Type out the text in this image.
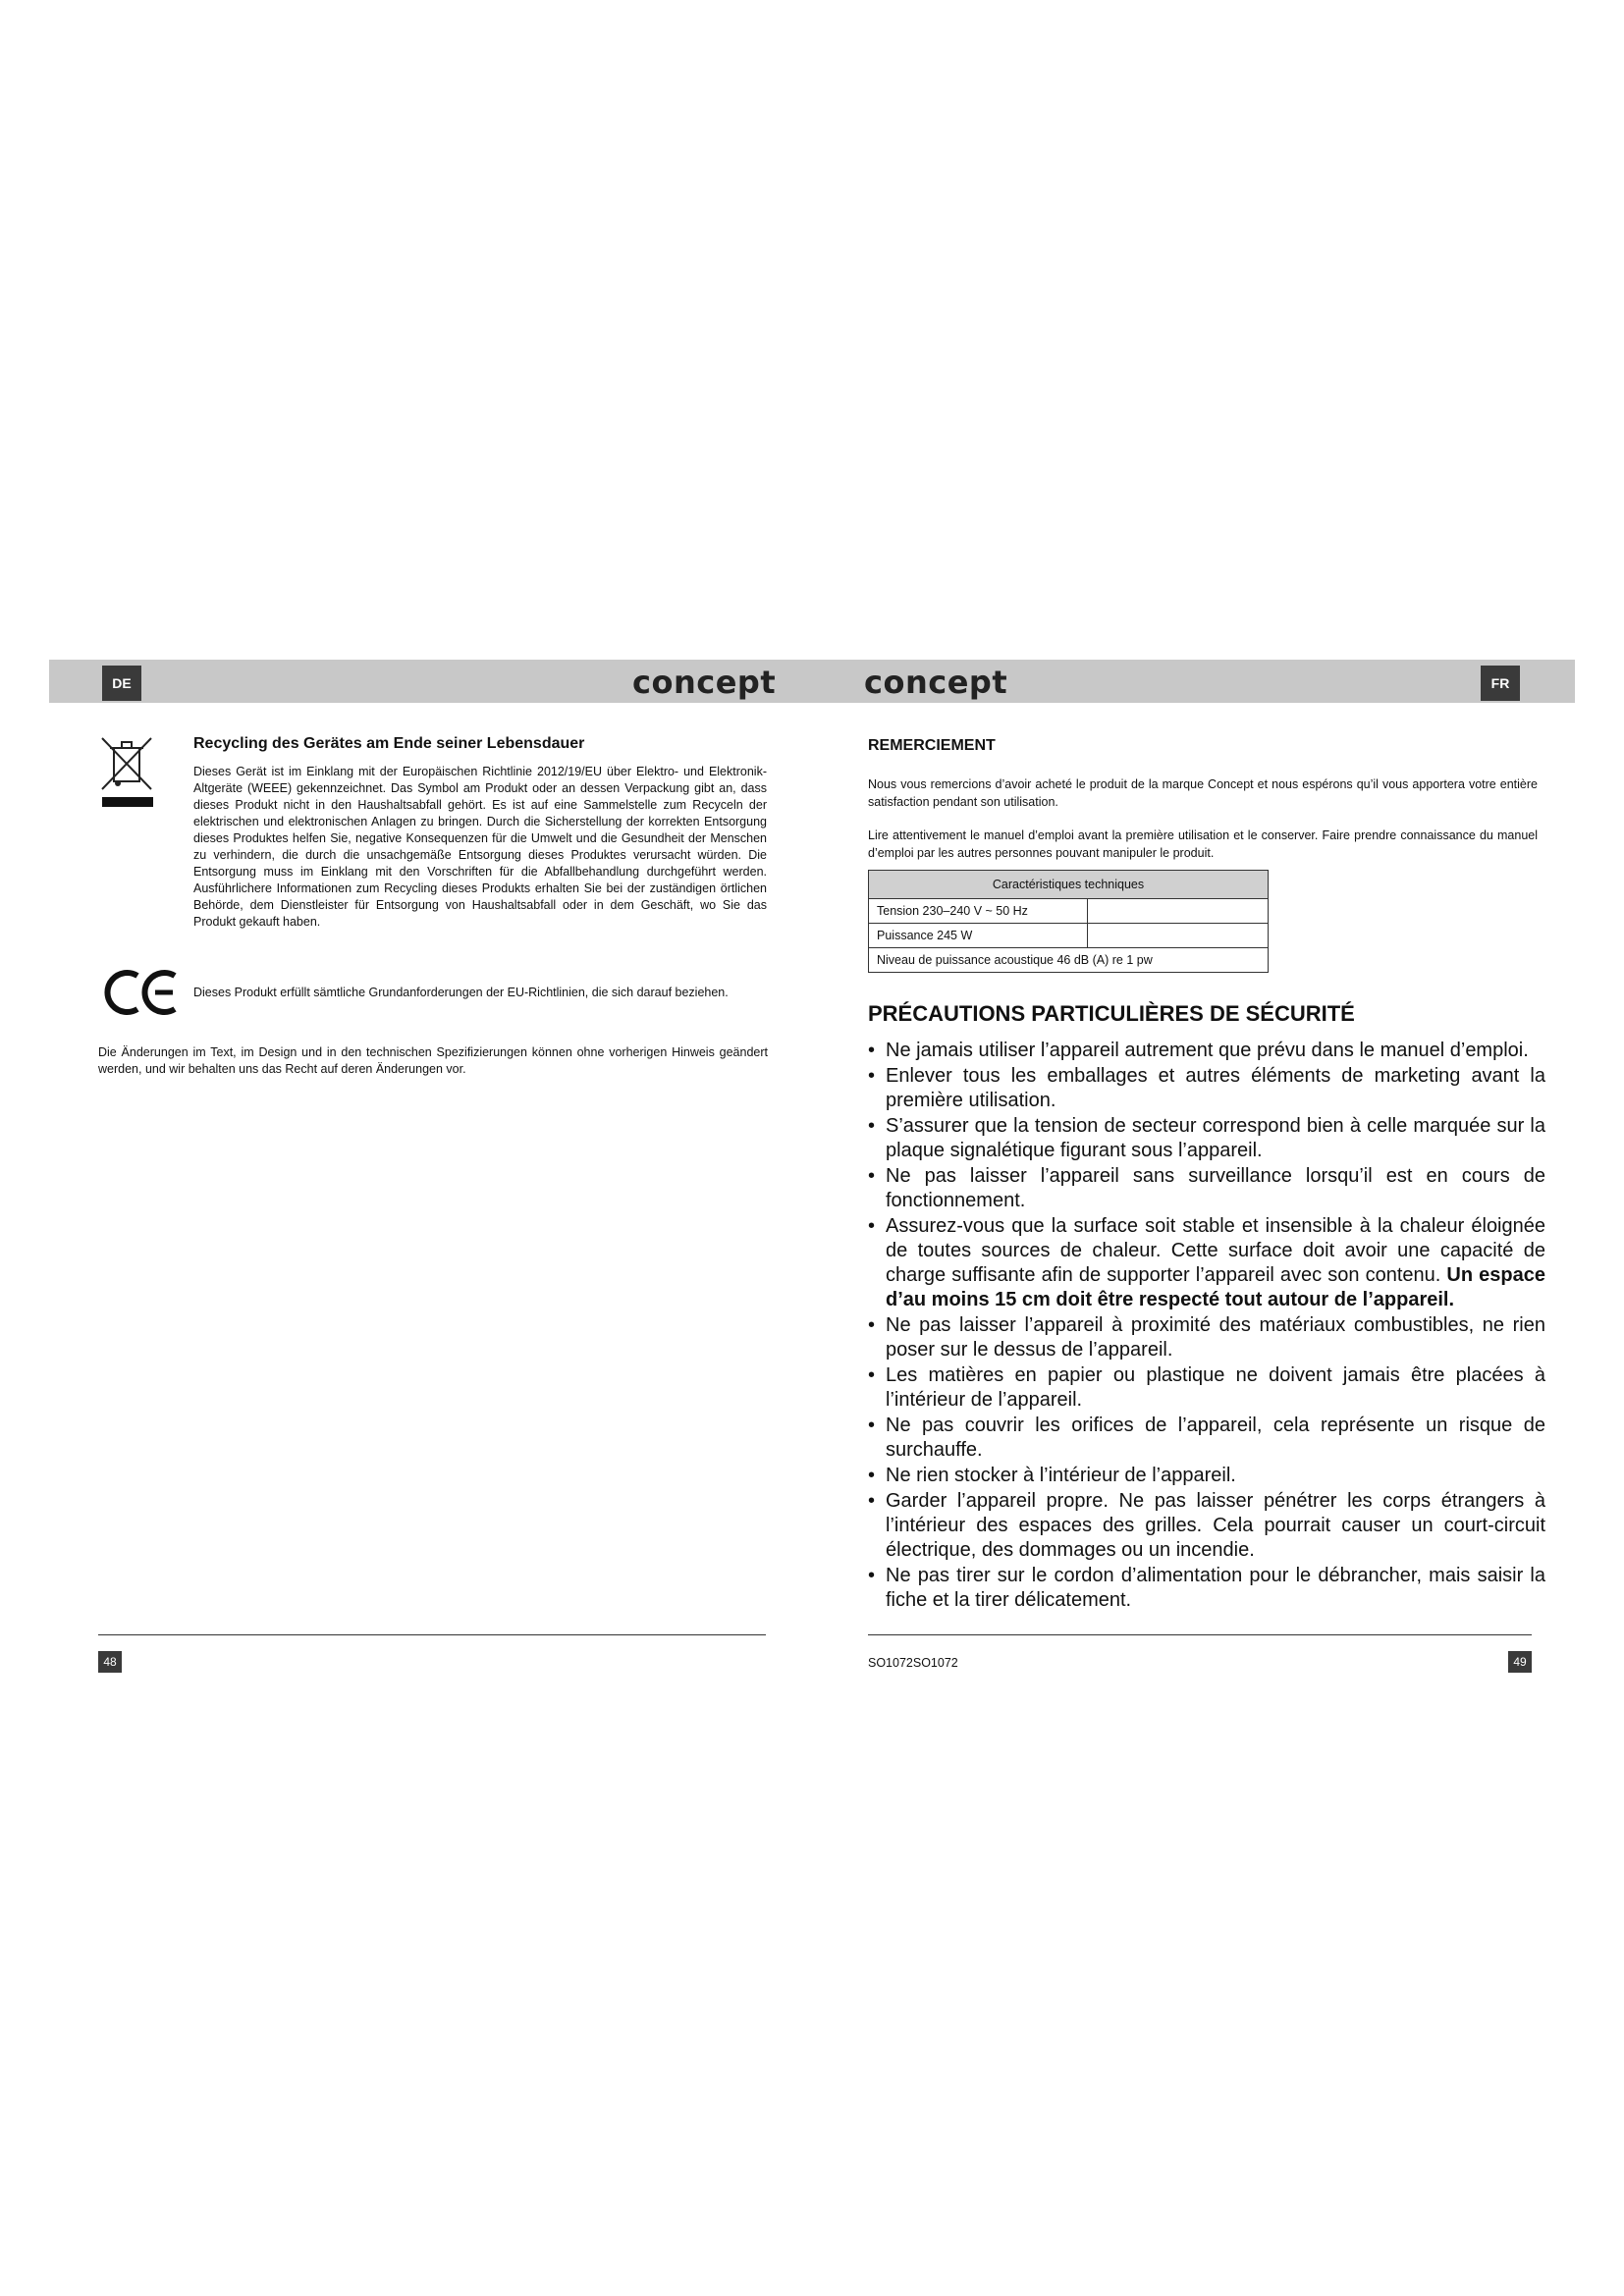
DE	concept	concept	FR
Recycling des Gerätes am Ende seiner Lebensdauer

Dieses Gerät ist im Einklang mit der Europäischen Richtlinie 2012/19/EU über Elektro- und Elektronik-Altgeräte (WEEE) gekennzeichnet. Das Symbol am Produkt oder an dessen Verpackung gibt an, dass dieses Produkt nicht in den Haushaltsabfall gehört. Es ist auf eine Sammelstelle zum Recyceln der elektrischen und elektronischen Anlagen zu bringen. Durch die Sicherstellung der korrekten Entsorgung dieses Produktes helfen Sie, negative Konsequenzen für die Umwelt und die Gesundheit der Menschen zu verhindern, die durch die unsachgemäße Entsorgung dieses Produktes verursacht würden. Die Entsorgung muss im Einklang mit den Vorschriften für die Abfallbehandlung durchgeführt werden. Ausführlichere Informationen zum Recycling dieses Produkts erhalten Sie bei der zuständigen örtlichen Behörde, dem Dienstleister für Entsorgung von Haushaltsabfall oder in dem Geschäft, wo Sie das Produkt gekauft haben.

Dieses Produkt erfüllt sämtliche Grundanforderungen der EU-Richtlinien, die sich darauf beziehen.

Die Änderungen im Text, im Design und in den technischen Spezifizierungen können ohne vorherigen Hinweis geändert werden, und wir behalten uns das Recht auf deren Änderungen vor.

48
REMERCIEMENT

Nous vous remercions d’avoir acheté le produit de la marque Concept et nous espérons qu’il vous apportera votre entière satisfaction pendant son utilisation.

Lire attentivement le manuel d’emploi avant la première utilisation et le conserver. Faire prendre connaissance du manuel d’emploi par les autres personnes pouvant manipuler le produit.

Caractéristiques techniques	
Tension 230–240 V ~ 50 Hz	
Puissance 245 W	
Niveau de puissance acoustique 46 dB (A) re 1 pw	
PRÉCAUTIONS PARTICULIÈRES DE SÉCURITÉ
• Ne jamais utiliser l’appareil autrement que prévu dans le manuel d’emploi.
• Enlever tous les emballages et autres éléments de marketing avant la première utilisation.
• S’assurer que la tension de secteur correspond bien à celle marquée sur la plaque signalétique figurant sous l’appareil.
• Ne pas laisser l’appareil sans surveillance lorsqu’il est en cours de fonctionnement.
• Assurez-vous que la surface soit stable et insensible à la chaleur éloignée de toutes sources de chaleur. Cette surface doit avoir une capacité de charge suffisante afin de supporter l’appareil avec son contenu. Un espace d’au moins 15 cm doit être respecté tout autour de l’appareil.
• Ne pas laisser l’appareil à proximité des matériaux combustibles, ne rien poser sur le dessus de l’appareil.
• Les matières en papier ou plastique ne doivent jamais être placées à l’intérieur de l’appareil.
• Ne pas couvrir les orifices de l’appareil, cela représente un risque de surchauffe.
• Ne rien stocker à l’intérieur de l’appareil.
• Garder l’appareil propre. Ne pas laisser pénétrer les corps étrangers à l’intérieur des espaces des grilles. Cela pourrait causer un court-circuit électrique, des dommages ou un incendie.
• Ne pas tirer sur le cordon d’alimentation pour le débrancher, mais saisir la fiche et la tirer délicatement.
SO1072SO1072	49
